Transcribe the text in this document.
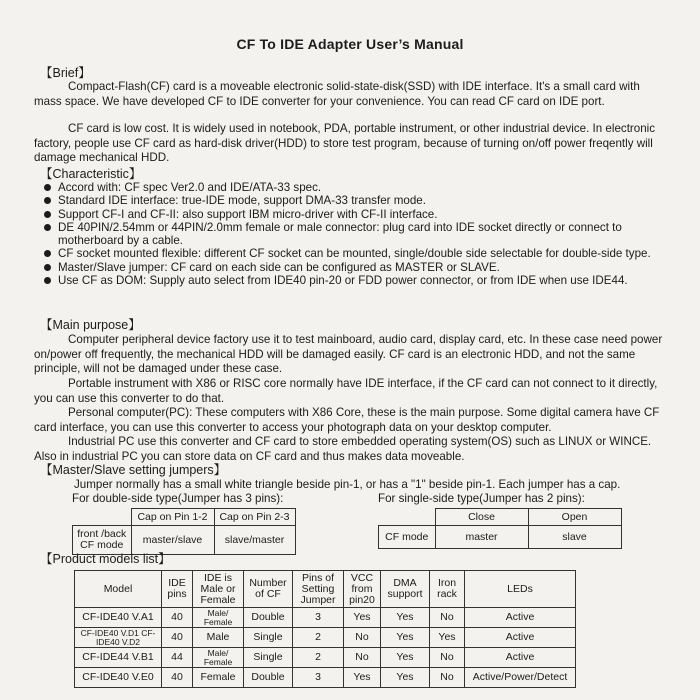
CF To IDE Adapter User’s Manual
【Brief】

Compact-Flash(CF) card is a moveable electronic solid-state-disk(SSD) with IDE interface. It's a small card with mass space. We have developed CF to IDE converter for your convenience. You can read CF card on IDE port.

CF card is low cost. It is widely used in notebook, PDA, portable instrument, or other industrial device. In electronic factory, people use CF card as hard-disk driver(HDD) to store test program, because of turning on/off power freqently will damage mechanical HDD.

【Characteristic】
Accord with: CF spec Ver2.0 and IDE/ATA-33 spec.
Standard IDE interface: true-IDE mode, support DMA-33 transfer mode.
Support CF-I and CF-II: also support IBM micro-driver with CF-II interface.
DE 40PIN/2.54mm or 44PIN/2.0mm female or male connector: plug card into IDE socket directly or connect to motherboard by a cable.
CF socket mounted flexible: different CF socket can be mounted, single/double side selectable for double-side type.
Master/Slave jumper: CF card on each side can be configured as MASTER or SLAVE.
Use CF as DOM: Supply auto select from IDE40 pin-20 or FDD power connector, or from IDE when use IDE44.
【Main purpose】

Computer peripheral device factory use it to test mainboard, audio card, display card, etc. In these case need power on/power off frequently, the mechanical HDD will be damaged easily. CF card is an electronic HDD, and not the same principle, will not be damaged under these case.

Portable instrument with X86 or RISC core normally have IDE interface, if the CF card can not connect to it directly, you can use this converter to do that.

Personal computer(PC): These computers with X86 Core, these is the main purpose. Some digital camera have CF card interface, you can use this converter to access your photograph data on your desktop computer.

Industrial PC use this converter and CF card to store embedded operating system(OS) such as LINUX or WINCE. Also in industrial PC you can store data on CF card and thus makes data moveable.

【Master/Slave setting jumpers】
Jumper normally has a small white triangle beside pin-1, or has a "1" beside pin-1. Each jumper has a cap.
For double-side type(Jumper has 3 pins):	For single-side type(Jumper has 2 pins):
	Cap on Pin 1-2	Cap on Pin 2-3
front /back CF mode	master/slave	slave/master
	Close	Open
CF mode	master	slave
【Product models list】
Model	IDE pins	IDE is Male or Female	Number of CF	Pins of Setting Jumper	VCC from pin20	DMA support	Iron rack	LEDs
CF-IDE40 V.A1	40	Male/ Female	Double	3	Yes	Yes	No	Active
CF-IDE40 V.D1 CF-IDE40 V.D2	40	Male	Single	2	No	Yes	Yes	Active
CF-IDE44 V.B1	44	Male/ Female	Single	2	No	Yes	No	Active
CF-IDE40 V.E0	40	Female	Double	3	Yes	Yes	No	Active/Power/Detect
